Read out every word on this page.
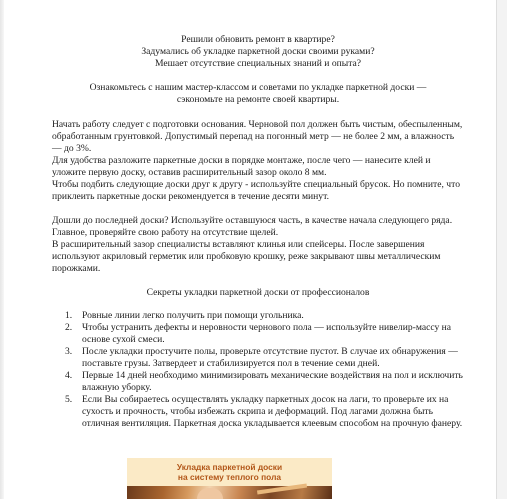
Решили обновить ремонт в квартире?

Задумались об укладке паркетной доски своими руками?

Мешает отсутствие специальных знаний и опыта?

Ознакомьтесь с нашим мастер-классом и советами по укладке паркетной доски —

сэкономьте на ремонте своей квартиры.

Начать работу следует с подготовки основания. Черновой пол должен быть чистым, обеспыленным, обработанным грунтовкой. Допустимый перепад на погонный метр — не более 2 мм, а влажность — до 3%.

Для удобства разложите паркетные доски в порядке монтаже, после чего — нанесите клей и уложите первую доску, оставив расширительный зазор около 8 мм.

Чтобы подбить следующие доски друг к другу - используйте специальный брусок. Но помните, что приклеить паркетные доски рекомендуется в течение десяти минут.

Дошли до последней доски? Используйте оставшуюся часть, в качестве начала следующего ряда. Главное, проверяйте свою работу на отсутствие щелей.

В расширительный зазор специалисты вставляют клинья или спейсеры. После завершения используют акриловый герметик или пробковую крошку, реже закрывают швы металлическим порожками.

Секреты укладки паркетной доски от профессионалов
1. Ровные линии легко получить при помощи угольника.
2. Чтобы устранить дефекты и неровности чернового пола — используйте нивелир-массу на основе сухой смеси.
3. После укладки простучите полы, проверьте отсутствие пустот. В случае их обнаружения — поставьте грузы. Затвердеет и стабилизируется пол в течение семи дней.
4. Первые 14 дней необходимо минимизировать механические воздействия на пол и исключить влажную уборку.
5. Если Вы собираетесь осуществлять укладку паркетных досок на лаги, то проверьте их на сухость и прочность, чтобы избежать скрипа и деформаций. Под лагами должна быть отличная вентиляция. Паркетная доска укладывается клеевым способом на прочную фанеру.
Укладка паркетной доски
на систему теплого пола
